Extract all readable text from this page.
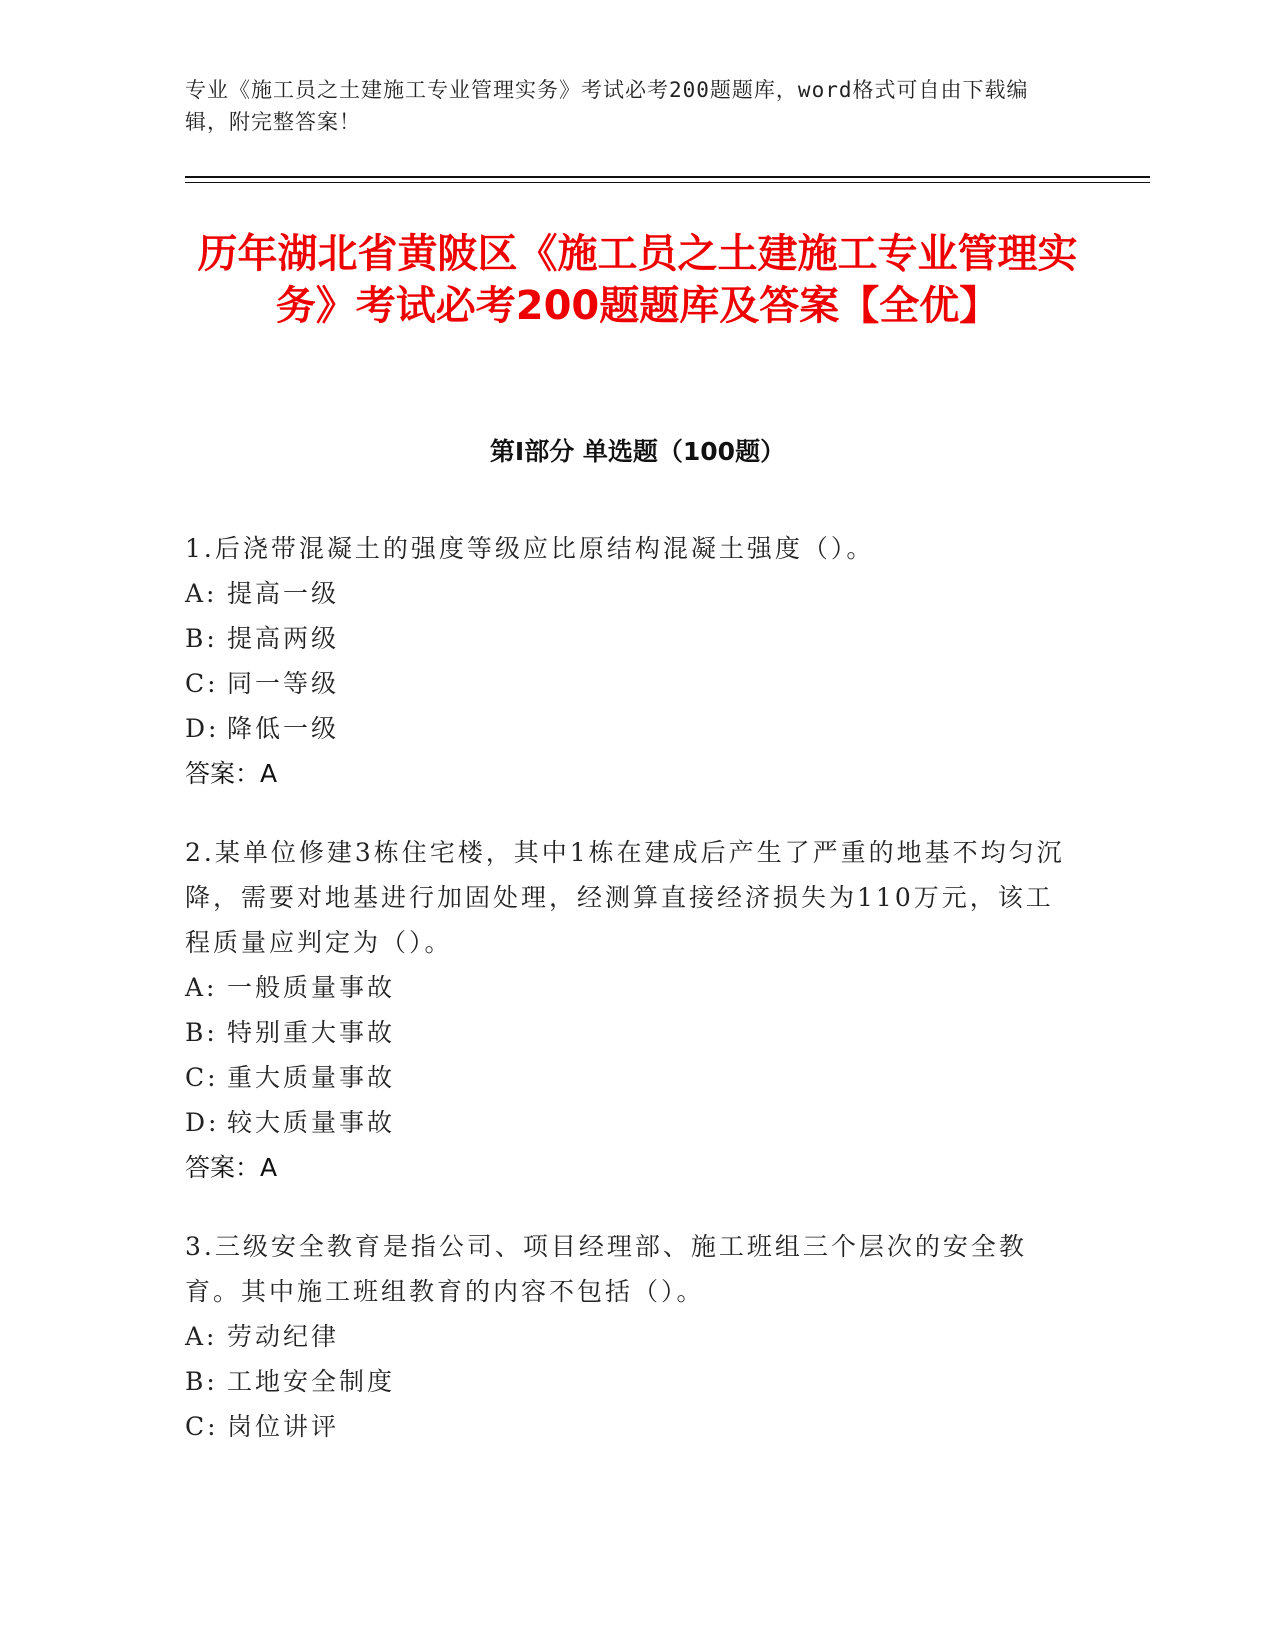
专业《施工员之土建施工专业管理实务》考试必考200题题库，word格式可自由下载编辑，附完整答案！
历年湖北省黄陂区《施工员之土建施工专业管理实务》考试必考200题题库及答案【全优】
第I部分 单选题（100题）

1.后浇带混凝土的强度等级应比原结构混凝土强度（）。

A: 提高一级

B: 提高两级

C: 同一等级

D: 降低一级

答案：A

2.某单位修建3栋住宅楼，其中1栋在建成后产生了严重的地基不均匀沉降，需要对地基进行加固处理，经测算直接经济损失为110万元，该工程质量应判定为（）。

A: 一般质量事故

B: 特别重大事故

C: 重大质量事故

D: 较大质量事故

答案：A

3.三级安全教育是指公司、项目经理部、施工班组三个层次的安全教育。其中施工班组教育的内容不包括（）。

A: 劳动纪律

B: 工地安全制度

C: 岗位讲评
